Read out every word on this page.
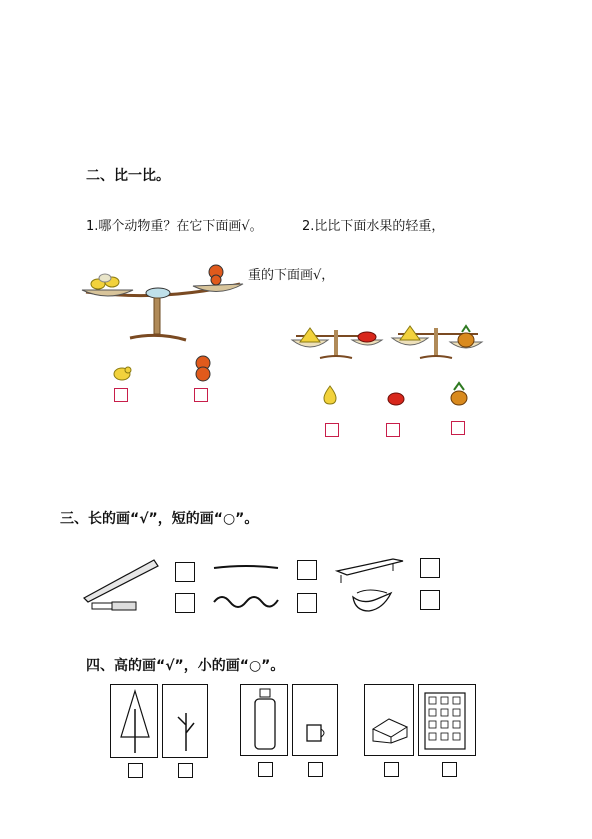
二、比一比。
1.哪个动物重？在它下面画√。	2.比比下面水果的轻重，
重的下面画√，
三、长的画“√”，短的画“○”。
四、高的画“√”，小的画“○”。
